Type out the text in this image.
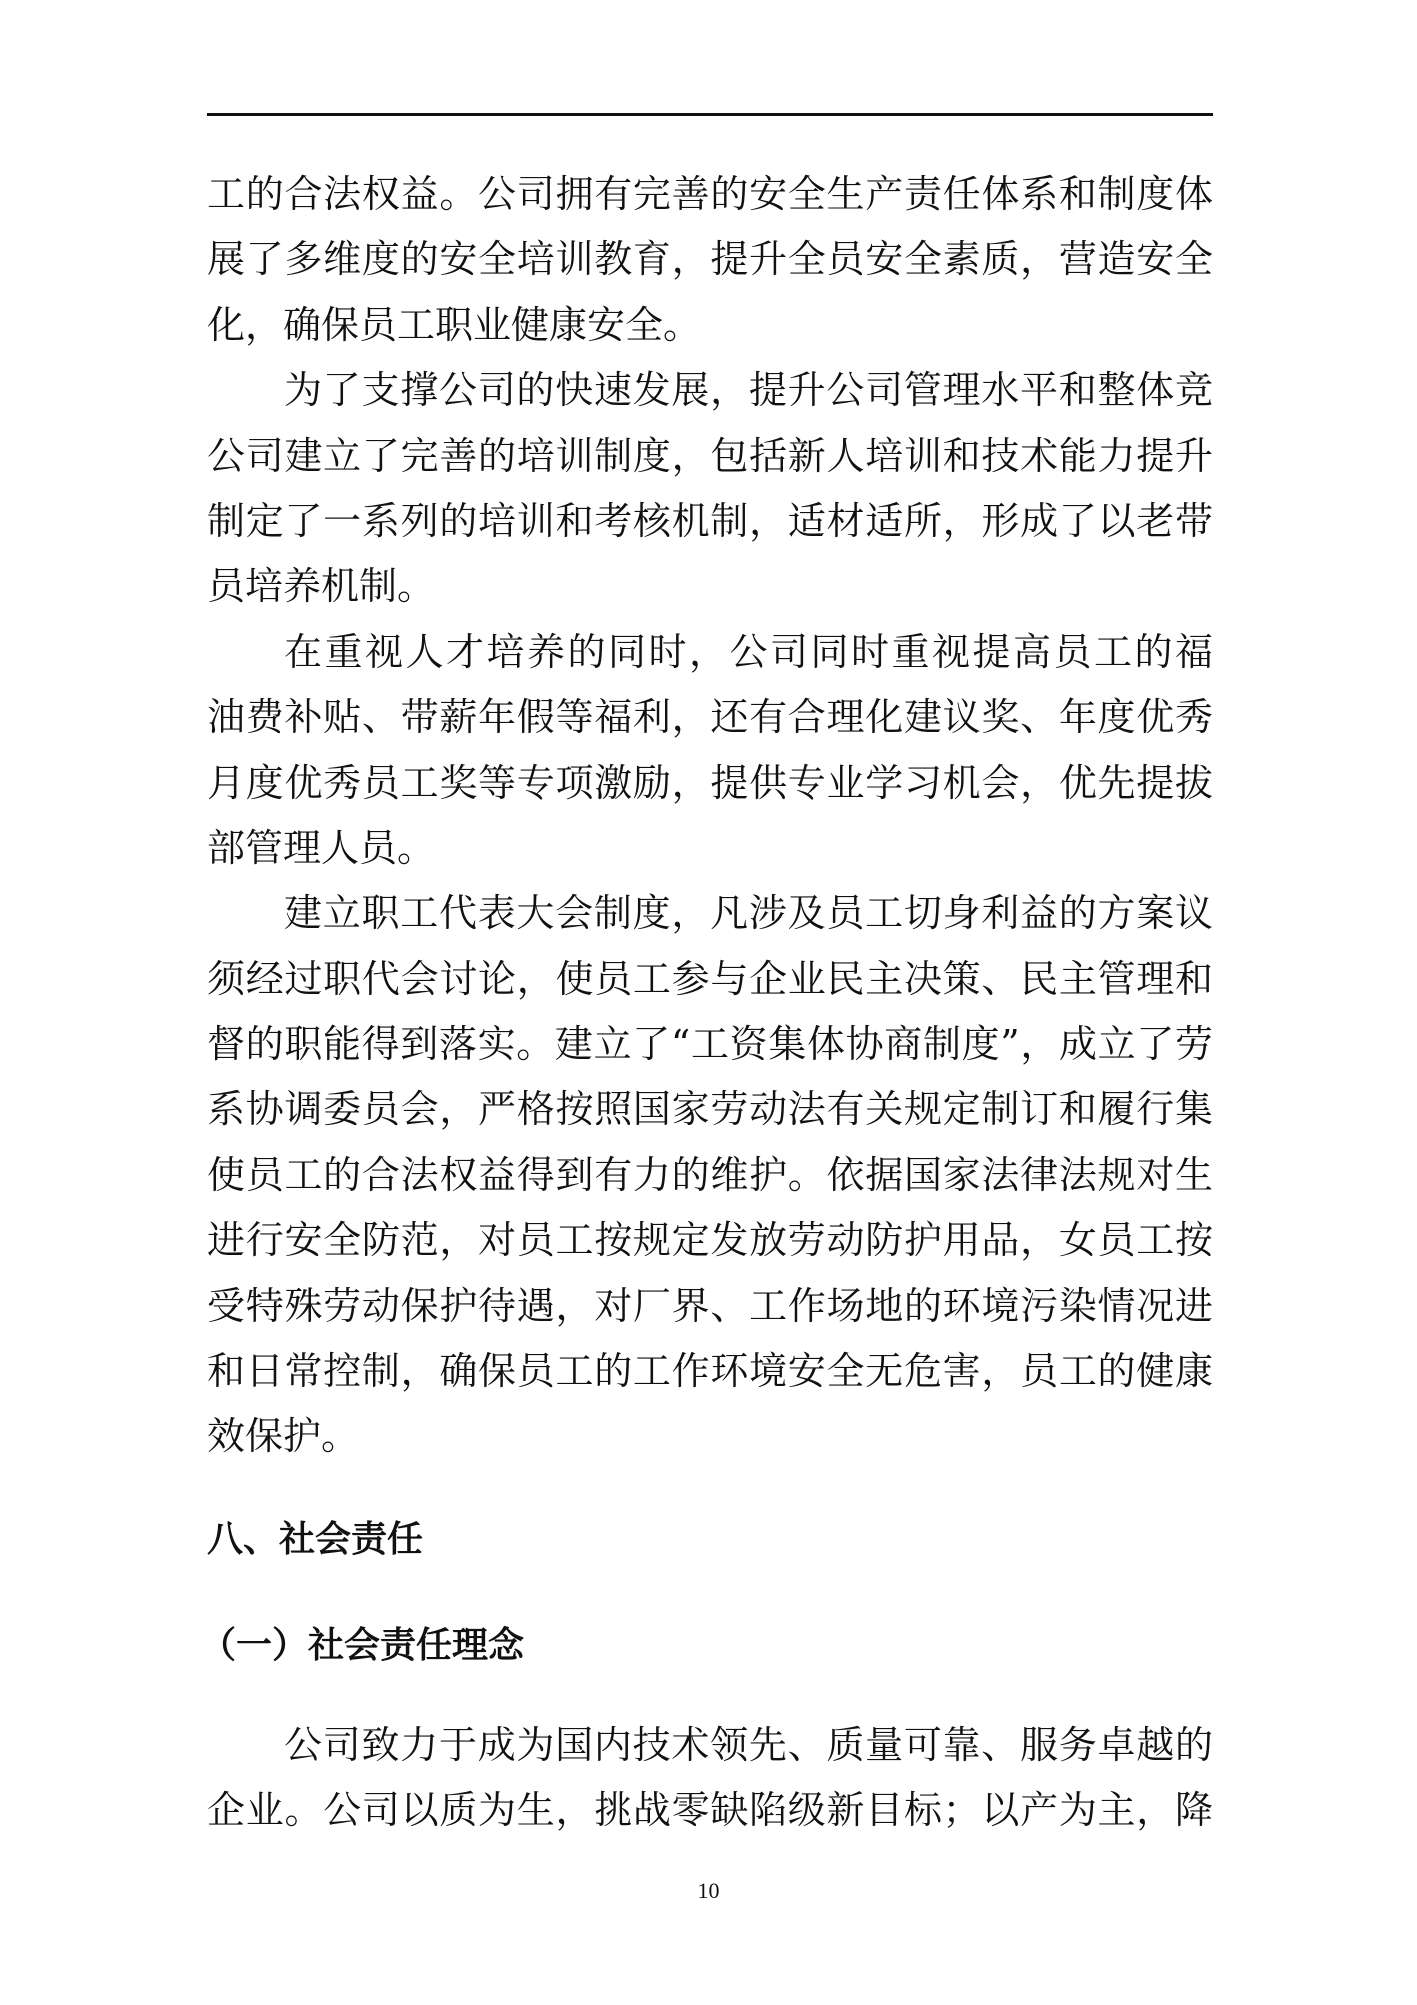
工的合法权益。公司拥有完善的安全生产责任体系和制度体
展了多维度的安全培训教育，提升全员安全素质，营造安全
化，确保员工职业健康安全。
为了支撑公司的快速发展，提升公司管理水平和整体竞
公司建立了完善的培训制度，包括新人培训和技术能力提升
制定了一系列的培训和考核机制，适材适所，形成了以老带
员培养机制。
在重视人才培养的同时，公司同时重视提高员工的福
油费补贴、带薪年假等福利，还有合理化建议奖、年度优秀
月度优秀员工奖等专项激励，提供专业学习机会，优先提拔
部管理人员。
建立职工代表大会制度，凡涉及员工切身利益的方案议
须经过职代会讨论，使员工参与企业民主决策、民主管理和
督的职能得到落实。建立了“工资集体协商制度”，成立了劳
系协调委员会，严格按照国家劳动法有关规定制订和履行集
使员工的合法权益得到有力的维护。依据国家法律法规对生
进行安全防范，对员工按规定发放劳动防护用品，女员工按
受特殊劳动保护待遇，对厂界、工作场地的环境污染情况进
和日常控制，确保员工的工作环境安全无危害，员工的健康
效保护。
八、社会责任
（一）社会责任理念
公司致力于成为国内技术领先、质量可靠、服务卓越的
企业。公司以质为生，挑战零缺陷级新目标；以产为主，降
10
